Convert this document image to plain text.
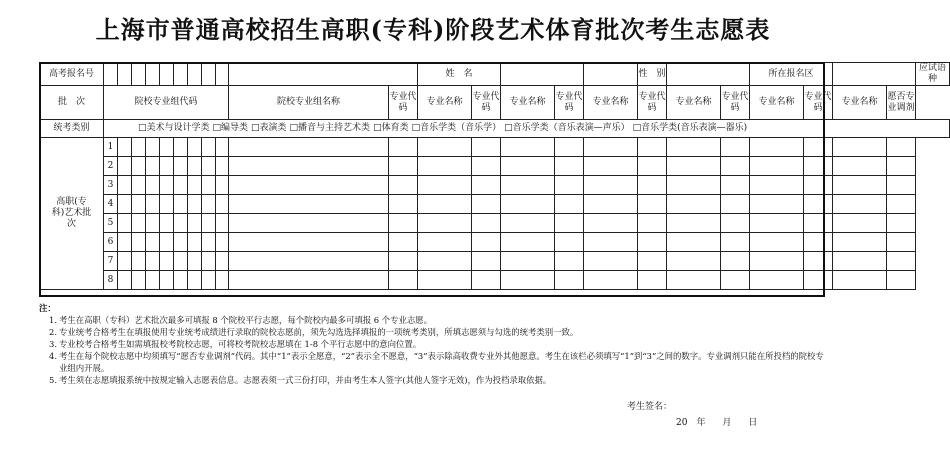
上海市普通高校招生高职(专科)阶段艺术体育批次考生志愿表
高考报名号												姓　名					性　别			所在报名区				应试语种	
批　次	院校专业组代码									院校专业组名称	专业代码	专业名称	专业代码	专业名称	专业代码	专业名称	专业代码	专业名称	专业代码	专业名称	专业代码	专业名称	愿否专业调剂		
统考类别	□美术与设计学类 □编导类 □表演类 □播音与主持艺术类 □体育类 □音乐学类（音乐学） □音乐学类（音乐表演—声乐） □音乐学类(音乐表演—器乐)																								
高职(专科)艺术批次	1																								
	2																								
	3																								
	4																								
	5																								
	6																								
	7																								
	8																								
注：
1. 考生在高职（专科）艺术批次最多可填报 8 个院校平行志愿，每个院校内最多可填报 6 个专业志愿。
2. 专业统考合格考生在填报使用专业统考成绩进行录取的院校志愿前，须先勾选选择填报的一项统考类别，所填志愿须与勾选的统考类别一致。
3. 专业校考合格考生如需填报校考院校志愿，可将校考院校志愿填在 1-8 个平行志愿中的意向位置。
4. 考生在每个院校志愿中均须填写“愿否专业调剂”代码。其中“1”表示全愿意，“2”表示全不愿意，“3”表示除高收费专业外其他愿意。考生在该栏必须填写“1”到“3”之间的数字。专业调剂只能在所投档的院校专业组内开展。
5. 考生须在志愿填报系统中按规定输入志愿表信息。志愿表须一式三份打印，并由考生本人签字(其他人签字无效)，作为投档录取依据。
考生签名：
20　年 月 日
